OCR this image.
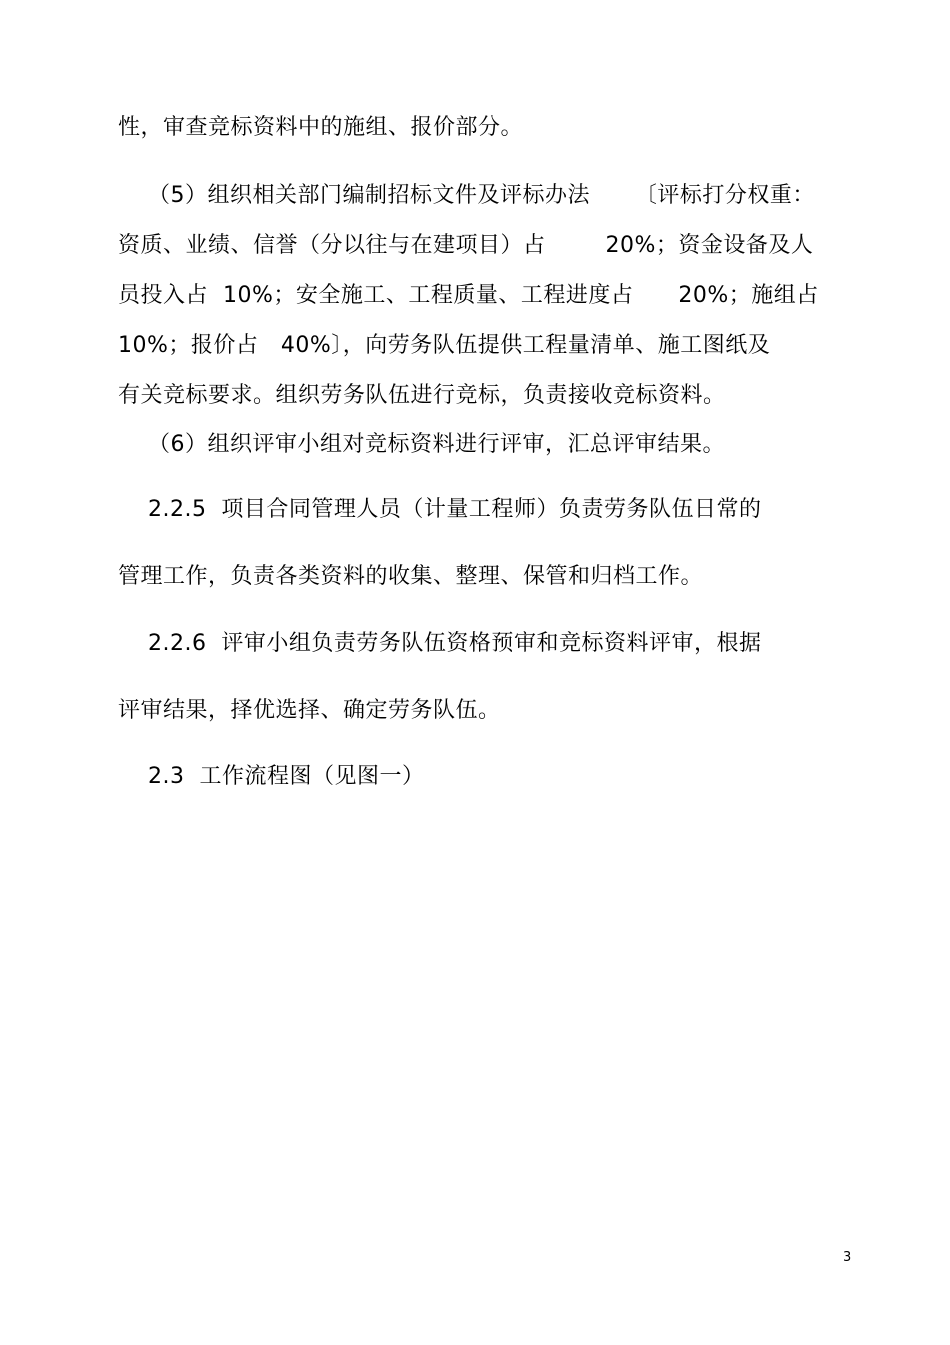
性，审查竞标资料中的施组、报价部分。
（5）组织相关部门编制招标文件及评标办法      〔评标打分权重：
资质、业绩、信誉（分以往与在建项目）占        20%；资金设备及人
员投入占  10%；安全施工、工程质量、工程进度占      20%；施组占
10%；报价占   40%〕，向劳务队伍提供工程量清单、施工图纸及
有关竞标要求。组织劳务队伍进行竞标，负责接收竞标资料。
（6）组织评审小组对竞标资料进行评审，汇总评审结果。
2.2.5  项目合同管理人员（计量工程师）负责劳务队伍日常的
管理工作，负责各类资料的收集、整理、保管和归档工作。
2.2.6  评审小组负责劳务队伍资格预审和竞标资料评审，根据
评审结果，择优选择、确定劳务队伍。
2.3  工作流程图（见图一）
3
